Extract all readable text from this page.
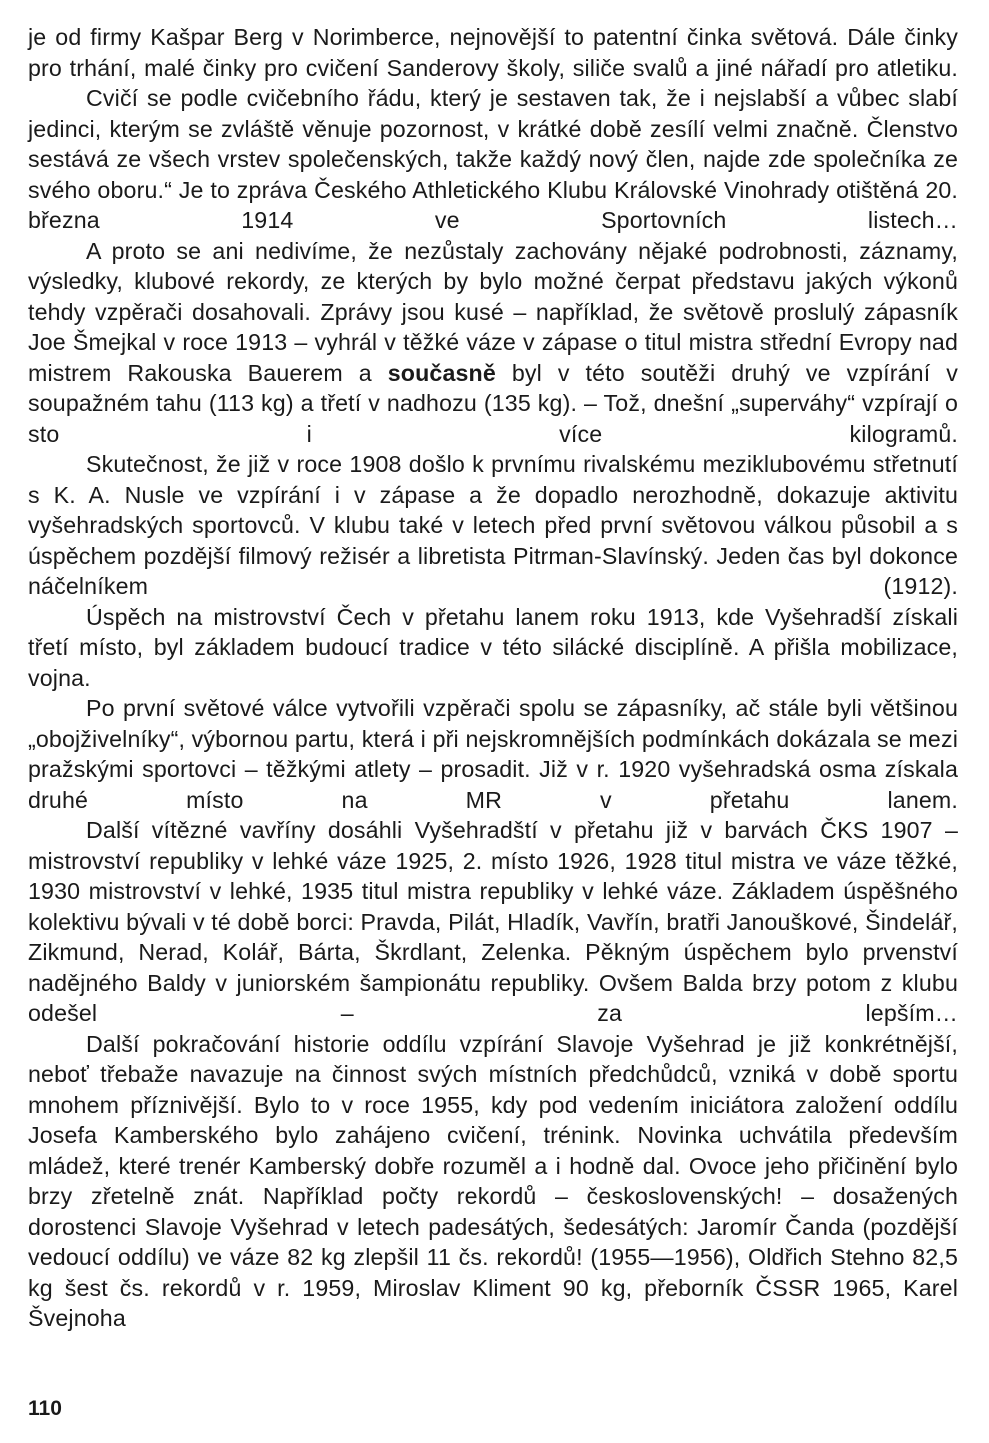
je od firmy Kašpar Berg v Norimberce, nejnovější to patentní činka světová. Dále činky pro trhání, malé činky pro cvičení Sanderovy školy, siliče svalů a jiné nářadí pro atletiku.

Cvičí se podle cvičebního řádu, který je sestaven tak, že i nejslabší a vůbec slabí jedinci, kterým se zvláště věnuje pozornost, v krátké době zesílí velmi značně. Členstvo sestává ze všech vrstev společenských, takže každý nový člen, najde zde společníka ze svého oboru.“ Je to zpráva Českého Athletického Klubu Královské Vinohrady otištěná 20. března 1914 ve Sportovních listech…

A proto se ani nedivíme, že nezůstaly zachovány nějaké podrobnosti, záznamy, výsledky, klubové rekordy, ze kterých by bylo možné čerpat představu jakých výkonů tehdy vzpěrači dosahovali. Zprávy jsou kusé – například, že světově proslulý zápasník Joe Šmejkal v roce 1913 – vyhrál v těžké váze v zápase o titul mistra střední Evropy nad mistrem Rakouska Bauerem a současně byl v této soutěži druhý ve vzpírání v soupažném tahu (113 kg) a třetí v nadhozu (135 kg). – Tož, dnešní „superváhy“ vzpírají o sto i více kilogramů.

Skutečnost, že již v roce 1908 došlo k prvnímu rivalskému meziklubovému střetnutí s K. A. Nusle ve vzpírání i v zápase a že dopadlo nerozhodně, dokazuje aktivitu vyšehradských sportovců. V klubu také v letech před první světovou válkou působil a s úspěchem pozdější filmový režisér a libretista Pitrman-Slavínský. Jeden čas byl dokonce náčelníkem (1912).

Úspěch na mistrovství Čech v přetahu lanem roku 1913, kde Vyšehradší získali třetí místo, byl základem budoucí tradice v této silácké disciplíně. A přišla mobilizace, vojna.

Po první světové válce vytvořili vzpěrači spolu se zápasníky, ač stále byli většinou „obojživelníky“, výbornou partu, která i při nejskromnějších podmínkách dokázala se mezi pražskými sportovci – těžkými atlety – prosadit. Již v r. 1920 vyšehradská osma získala druhé místo na MR v přetahu lanem.

Další vítězné vavříny dosáhli Vyšehradští v přetahu již v barvách ČKS 1907 – mistrovství republiky v lehké váze 1925, 2. místo 1926, 1928 titul mistra ve váze těžké, 1930 mistrovství v lehké, 1935 titul mistra republiky v lehké váze. Základem úspěšného kolektivu bývali v té době borci: Pravda, Pilát, Hladík, Vavřín, bratři Janouškové, Šindelář, Zikmund, Nerad, Kolář, Bárta, Škrdlant, Zelenka. Pěkným úspěchem bylo prvenství nadějného Baldy v juniorském šampionátu republiky. Ovšem Balda brzy potom z klubu odešel – za lepším…

Další pokračování historie oddílu vzpírání Slavoje Vyšehrad je již konkrétnější, neboť třebaže navazuje na činnost svých místních předchůdců, vzniká v době sportu mnohem příznivější. Bylo to v roce 1955, kdy pod vedením iniciátora založení oddílu Josefa Kamberského bylo zahájeno cvičení, trénink. Novinka uchvátila především mládež, které trenér Kamberský dobře rozuměl a i hodně dal. Ovoce jeho přičinění bylo brzy zřetelně znát. Například počty rekordů – československých! – dosažených dorostenci Slavoje Vyšehrad v letech padesátých, šedesátých: Jaromír Čanda (pozdější vedoucí oddílu) ve váze 82 kg zlepšil 11 čs. rekordů! (1955—1956), Oldřich Stehno 82,5 kg šest čs. rekordů v r. 1959, Miroslav Kliment 90 kg, přeborník ČSSR 1965, Karel Švejnoha

110
